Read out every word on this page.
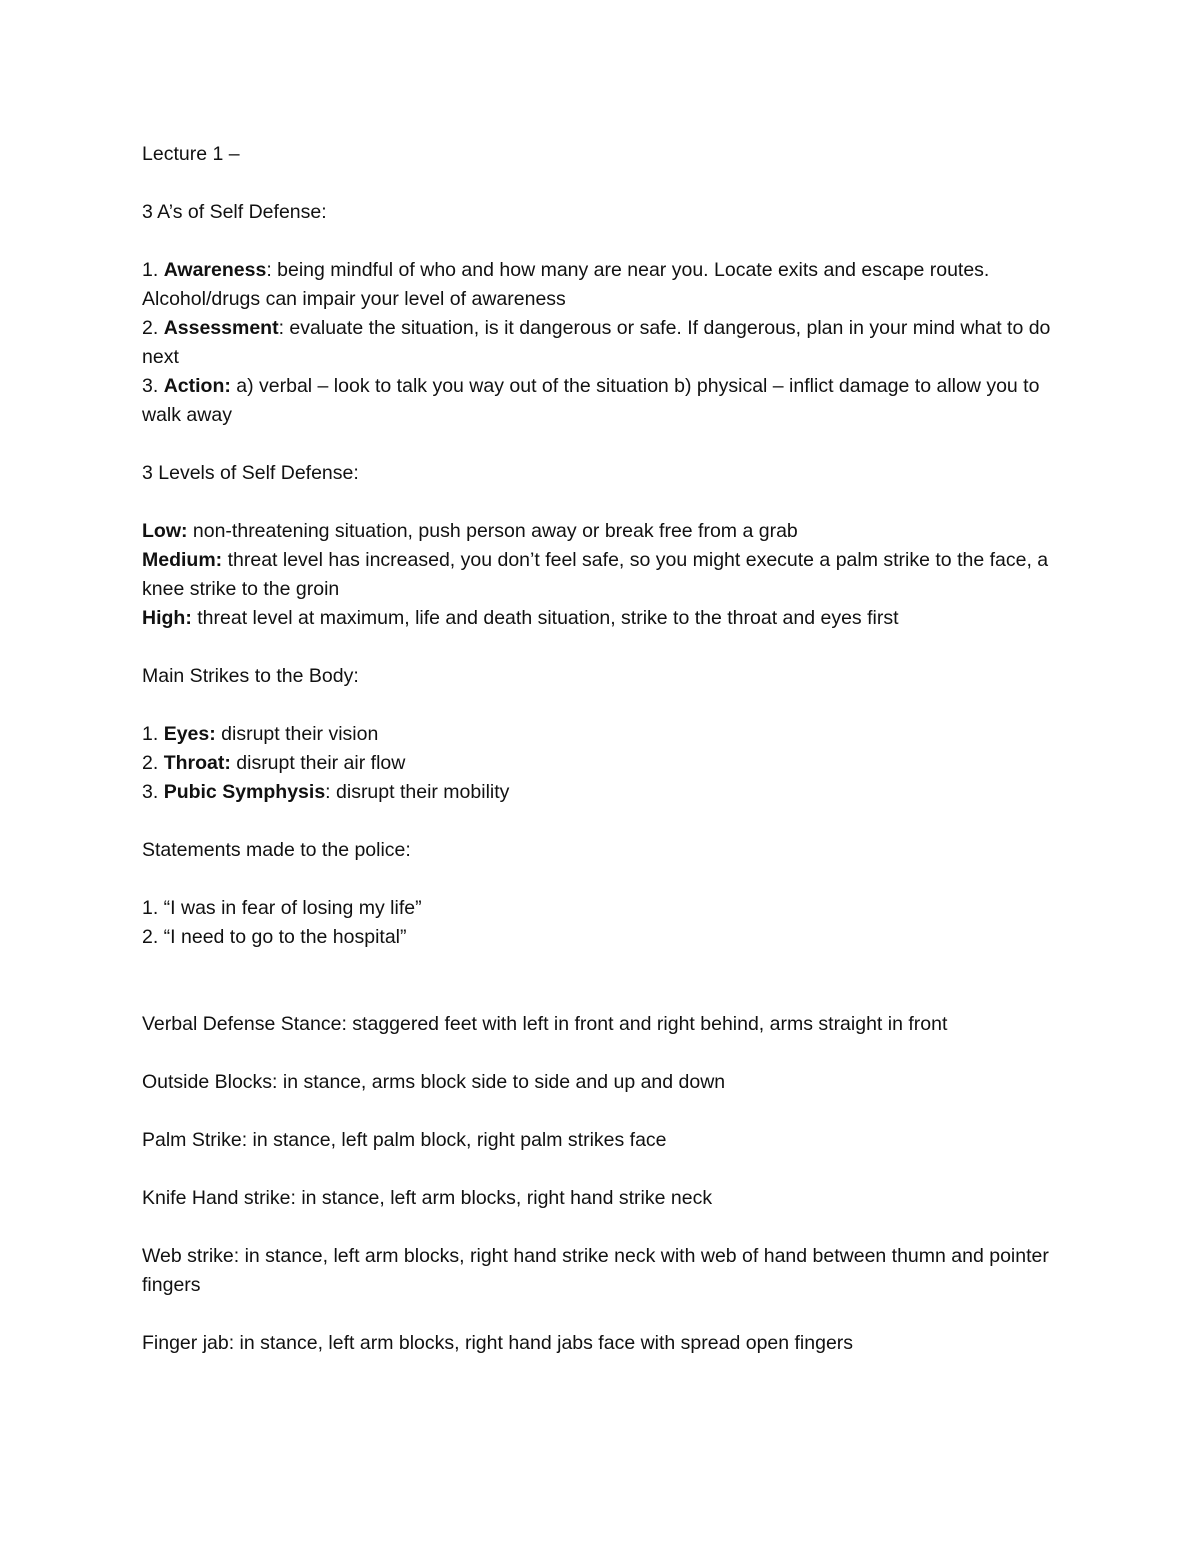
Lecture 1 –

3 A’s of Self Defense:

1. Awareness: being mindful of who and how many are near you. Locate exits and escape routes. Alcohol/drugs can impair your level of awareness

2. Assessment: evaluate the situation, is it dangerous or safe. If dangerous, plan in your mind what to do next

3. Action: a) verbal – look to talk you way out of the situation b) physical – inflict damage to allow you to walk away

3 Levels of Self Defense:

Low: non-threatening situation, push person away or break free from a grab

Medium: threat level has increased, you don’t feel safe, so you might execute a palm strike to the face, a knee strike to the groin

High: threat level at maximum, life and death situation, strike to the throat and eyes first

Main Strikes to the Body:

1. Eyes: disrupt their vision

2. Throat: disrupt their air flow

3. Pubic Symphysis: disrupt their mobility

Statements made to the police:

1. “I was in fear of losing my life”

2. “I need to go to the hospital”

Verbal Defense Stance: staggered feet with left in front and right behind, arms straight in front

Outside Blocks: in stance, arms block side to side and up and down

Palm Strike: in stance, left palm block, right palm strikes face

Knife Hand strike: in stance, left arm blocks, right hand strike neck

Web strike: in stance, left arm blocks, right hand strike neck with web of hand between thumn and pointer fingers

Finger jab: in stance, left arm blocks, right hand jabs face with spread open fingers
